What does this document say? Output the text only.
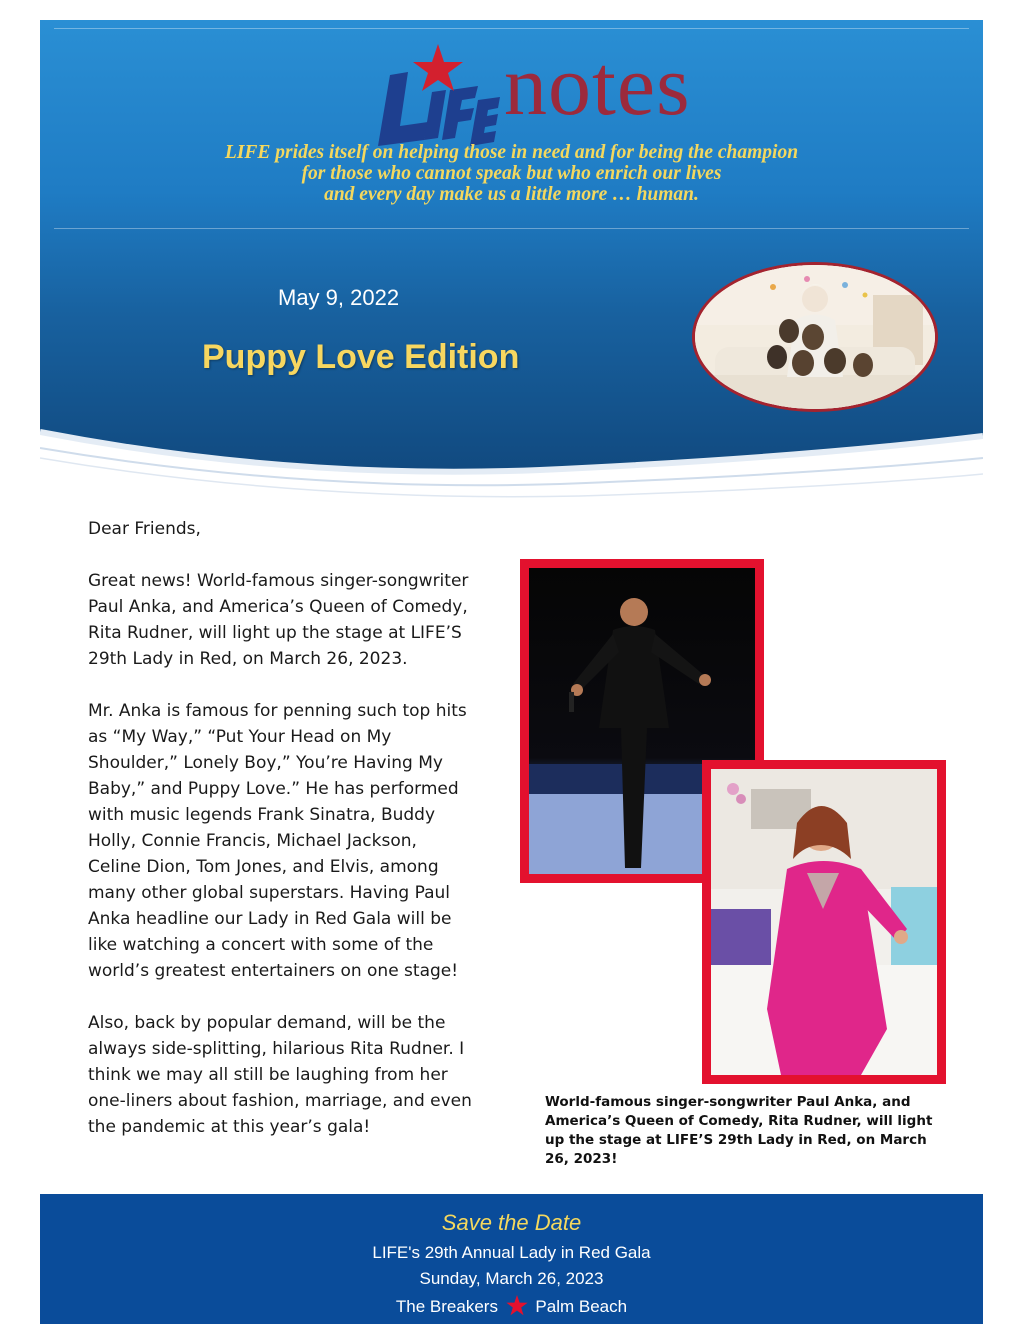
notes
LIFE prides itself on helping those in need and for being the champion
for those who cannot speak but who enrich our lives
and every day make us a little more … human.
May 9, 2022
Puppy Love Edition

Dear Friends,

Great news! World-famous singer-songwriter Paul Anka, and America’s Queen of Comedy, Rita Rudner, will light up the stage at LIFE’S 29th Lady in Red, on March 26, 2023.

Mr. Anka is famous for penning such top hits as “My Way,” “Put Your Head on My Shoulder,” Lonely Boy,” You’re Having My Baby,” and Puppy Love.” He has performed with music legends Frank Sinatra, Buddy Holly, Connie Francis, Michael Jackson, Celine Dion, Tom Jones, and Elvis, among many other global superstars. Having Paul Anka headline our Lady in Red Gala will be like watching a concert with some of the world’s greatest entertainers on one stage!

Also, back by popular demand, will be the always side-splitting, hilarious Rita Rudner. I think we may all still be laughing from her one-liners about fashion, marriage, and even the pandemic at this year’s gala!

World-famous singer-songwriter Paul Anka, and America’s Queen of Comedy, Rita Rudner, will light up the stage at LIFE’S 29th Lady in Red, on March 26, 2023!
Save the Date
LIFE's 29th Annual Lady in Red Gala
Sunday, March 26, 2023
The Breakers Palm Beach
